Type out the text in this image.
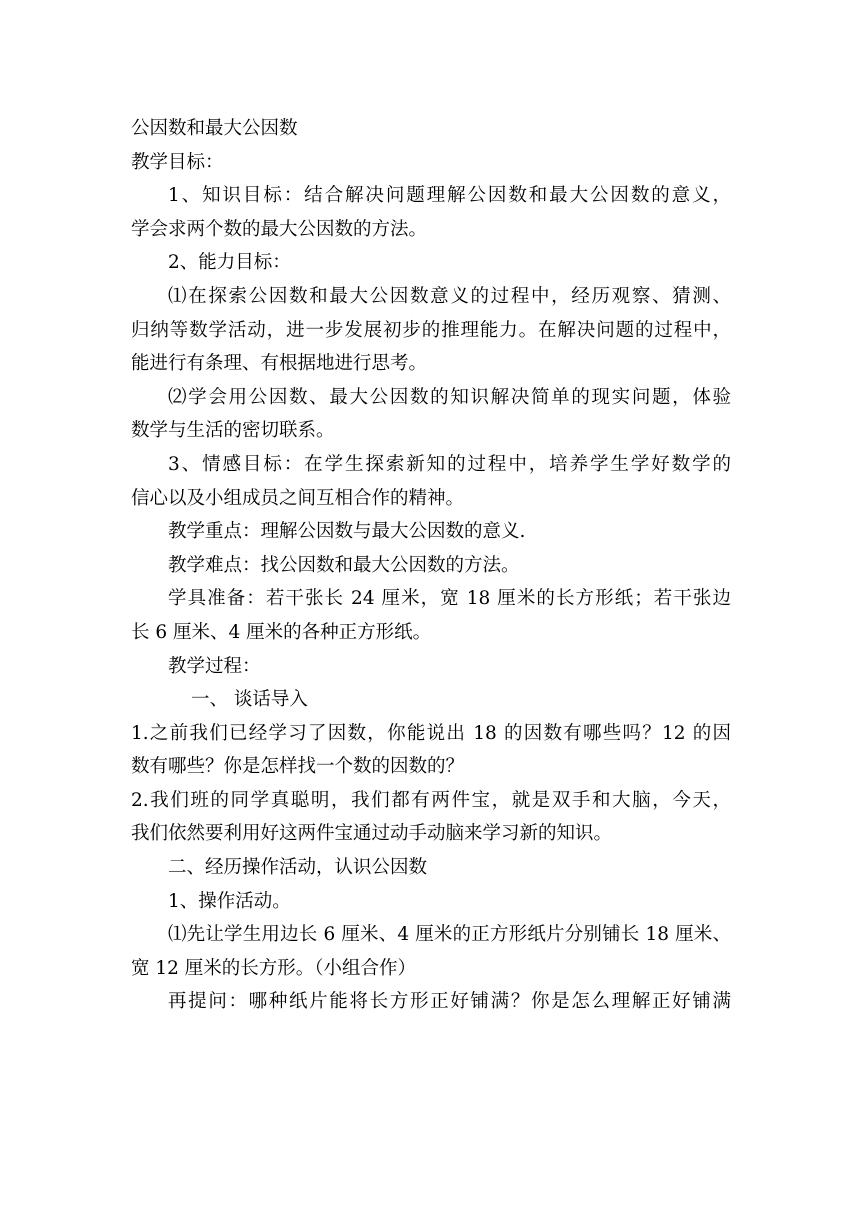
公因数和最大公因数
教学目标：
1、知识目标：结合解决问题理解公因数和最大公因数的意义，
学会求两个数的最大公因数的方法。
2、能力目标：
⑴在探索公因数和最大公因数意义的过程中，经历观察、猜测、
归纳等数学活动，进一步发展初步的推理能力。在解决问题的过程中，
能进行有条理、有根据地进行思考。
⑵学会用公因数、最大公因数的知识解决简单的现实问题，体验
数学与生活的密切联系。
3、情感目标：在学生探索新知的过程中，培养学生学好数学的
信心以及小组成员之间互相合作的精神。
教学重点：理解公因数与最大公因数的意义.
教学难点：找公因数和最大公因数的方法。
学具准备：若干张长 24 厘米，宽 18 厘米的长方形纸；若干张边
长 6 厘米、4 厘米的各种正方形纸。
教学过程：
一、 谈话导入
1.之前我们已经学习了因数，你能说出 18 的因数有哪些吗？12 的因
数有哪些？你是怎样找一个数的因数的？
2.我们班的同学真聪明，我们都有两件宝，就是双手和大脑，今天，
我们依然要利用好这两件宝通过动手动脑来学习新的知识。
二、经历操作活动，认识公因数
1、操作活动。
⑴先让学生用边长 6 厘米、4 厘米的正方形纸片分别铺长 18 厘米、
宽 12 厘米的长方形。（小组合作）
再提问：哪种纸片能将长方形正好铺满？你是怎么理解正好铺满
